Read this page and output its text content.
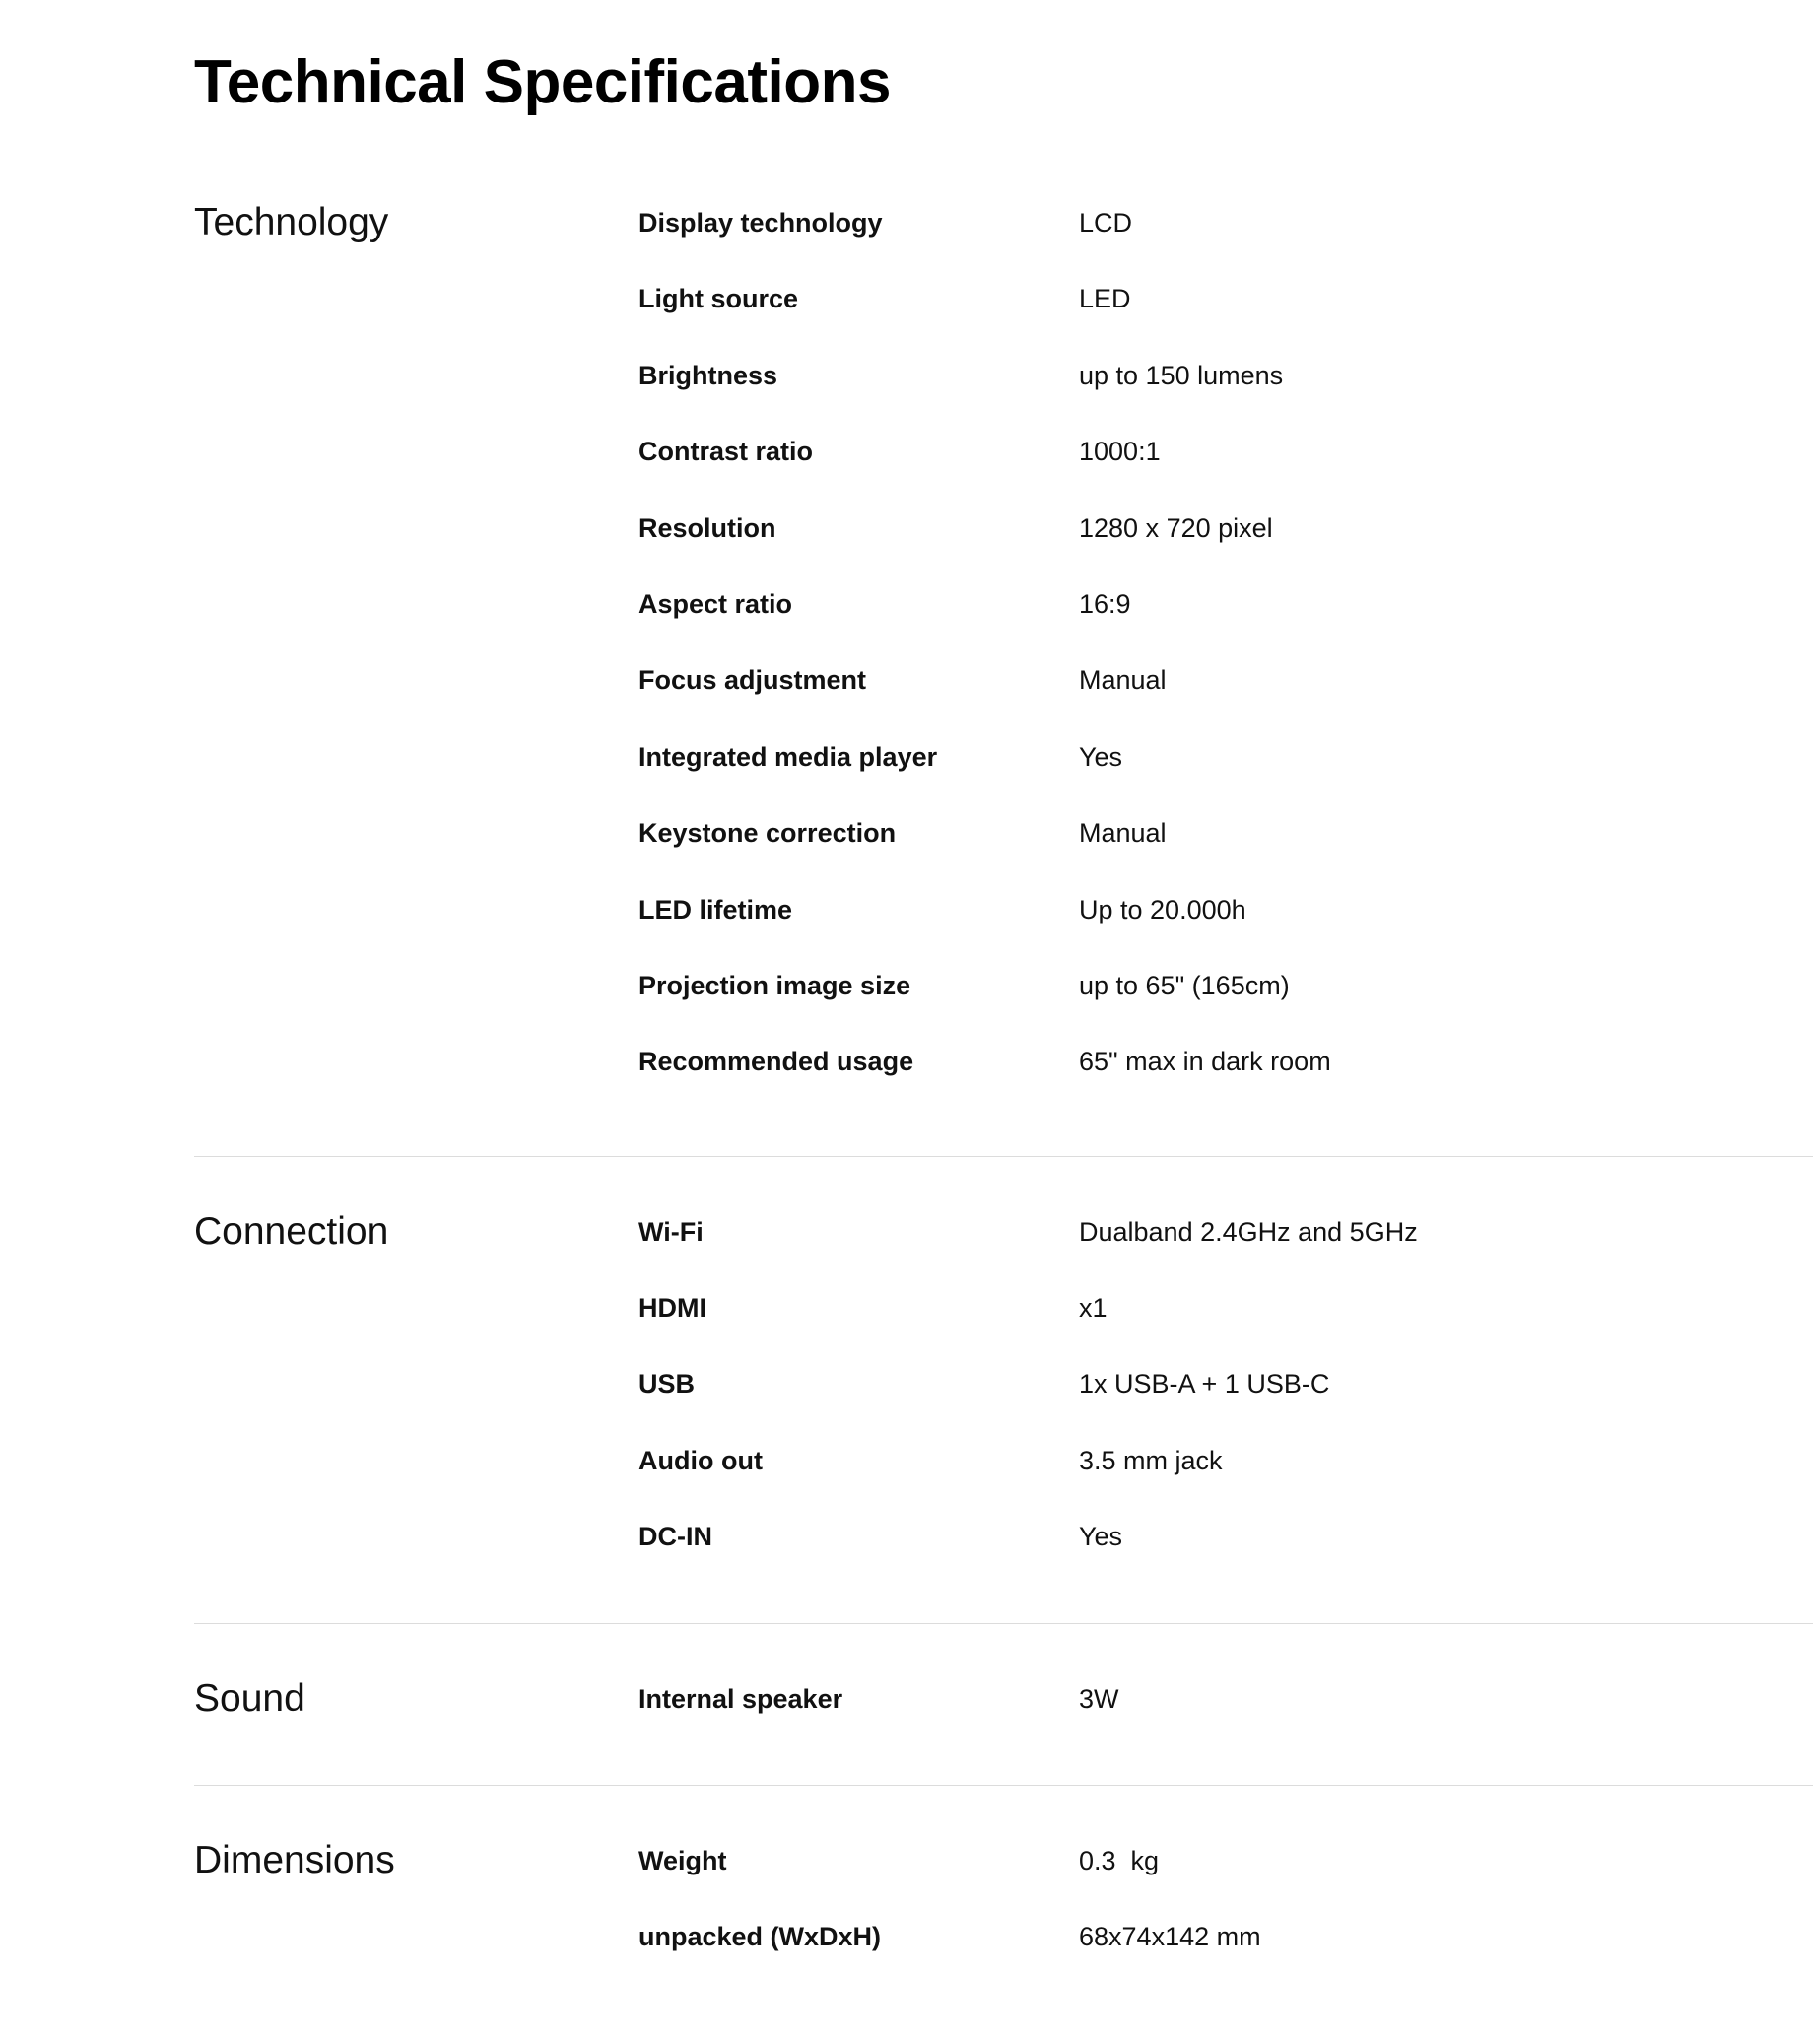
Technical Specifications
Technology	Display technology	LCD
Light source	LED
Brightness	up to 150 lumens
Contrast ratio	1000:1
Resolution	1280 x 720 pixel
Aspect ratio	16:9
Focus adjustment	Manual
Integrated media player	Yes
Keystone correction	Manual
LED lifetime	Up to 20.000h
Projection image size	up to 65" (165cm)
Recommended usage	65" max in dark room
Connection	Wi-Fi	Dualband 2.4GHz and 5GHz
HDMI	x1
USB	1x USB-A + 1 USB-C
Audio out	3.5 mm jack
DC-IN	Yes
Sound	Internal speaker	3W
Dimensions	Weight	0.3  kg
unpacked (WxDxH)	68x74x142 mm
